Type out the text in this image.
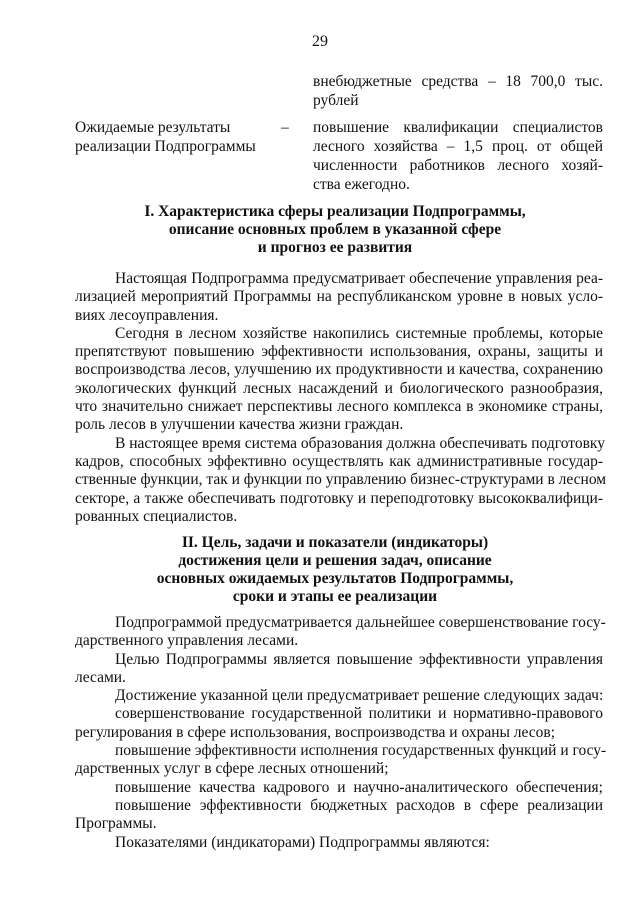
29
внебюджетные средства – 18 700,0 тыс.
рублей
Ожидаемые результаты
реализации Подпрограммы
– повышение квалификации специалистов
лесного хозяйства – 1,5 проц. от общей
численности работников лесного хозяй-
ства ежегодно.
I. Характеристика сферы реализации Подпрограммы,
описание основных проблем в указанной сфере
и прогноз ее развития
Настоящая Подпрограмма предусматривает обеспечение управления реа-
лизацией мероприятий Программы на республиканском уровне в новых усло-
виях лесоуправления.
Сегодня в лесном хозяйстве накопились системные проблемы, которые
препятствуют повышению эффективности использования, охраны, защиты и
воспроизводства лесов, улучшению их продуктивности и качества, сохранению
экологических функций лесных насаждений и биологического разнообразия,
что значительно снижает перспективы лесного комплекса в экономике страны,
роль лесов в улучшении качества жизни граждан.
В настоящее время система образования должна обеспечивать подготовку
кадров, способных эффективно осуществлять как административные государ-
ственные функции, так и функции по управлению бизнес-структурами в лесном
секторе, а также обеспечивать подготовку и переподготовку высококвалифици-
рованных специалистов.
II. Цель, задачи и показатели (индикаторы)
достижения цели и решения задач, описание
основных ожидаемых результатов Подпрограммы,
сроки и этапы ее реализации
Подпрограммой предусматривается дальнейшее совершенствование госу-
дарственного управления лесами.
Целью Подпрограммы является повышение эффективности управления
лесами.
Достижение указанной цели предусматривает решение следующих задач:
совершенствование государственной политики и нормативно-правового
регулирования в сфере использования, воспроизводства и охраны лесов;
повышение эффективности исполнения государственных функций и госу-
дарственных услуг в сфере лесных отношений;
повышение качества кадрового и научно-аналитического обеспечения;
повышение эффективности бюджетных расходов в сфере реализации
Программы.
Показателями (индикаторами) Подпрограммы являются:
